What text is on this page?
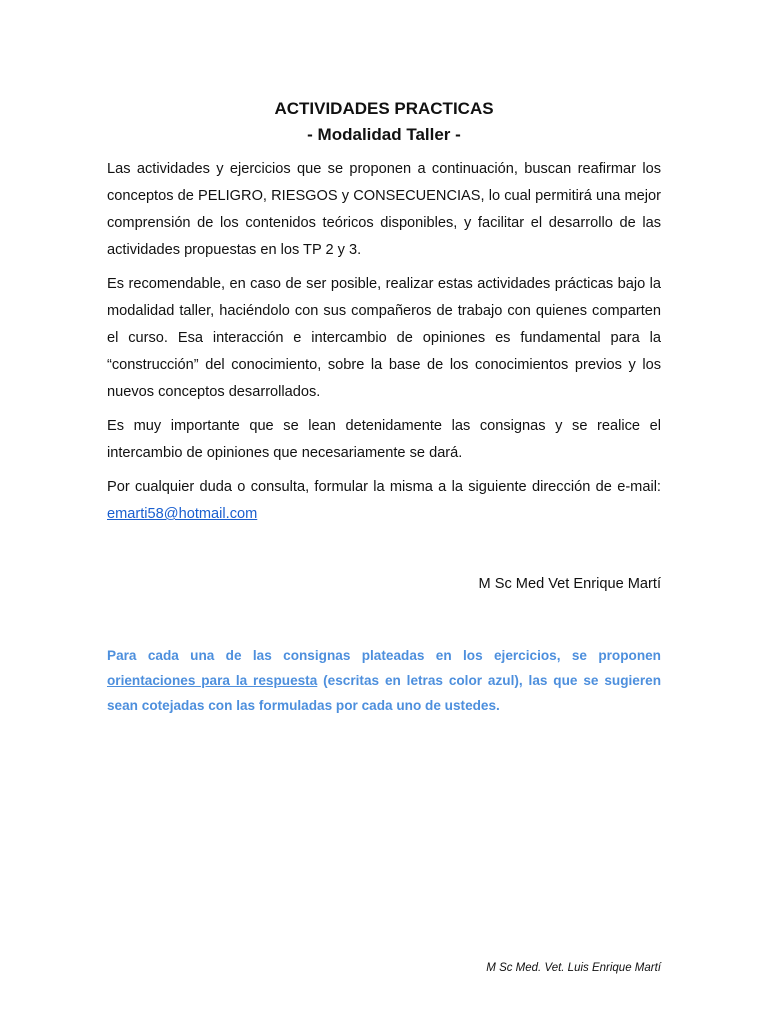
ACTIVIDADES PRACTICAS
- Modalidad Taller -

Las actividades y ejercicios que se proponen a continuación, buscan reafirmar los conceptos de PELIGRO, RIESGOS y CONSECUENCIAS, lo cual permitirá una mejor comprensión de los contenidos teóricos disponibles, y facilitar el desarrollo de las actividades propuestas en los TP 2 y 3.

Es recomendable, en caso de ser posible, realizar estas actividades prácticas bajo la modalidad taller, haciéndolo con sus compañeros de trabajo con quienes comparten el curso. Esa interacción e intercambio de opiniones es fundamental para la “construcción” del conocimiento, sobre la base de los conocimientos previos y los nuevos conceptos desarrollados.

Es muy importante que se lean detenidamente las consignas y se realice el intercambio de opiniones que necesariamente se dará.

Por cualquier duda o consulta, formular la misma a la siguiente dirección de e-mail: emarti58@hotmail.com

M Sc Med Vet Enrique Martí

Para cada una de las consignas plateadas en los ejercicios, se proponen orientaciones para la respuesta (escritas en letras color azul), las que se sugieren sean cotejadas con las formuladas por cada uno de ustedes.

M Sc Med. Vet. Luis Enrique Martí
